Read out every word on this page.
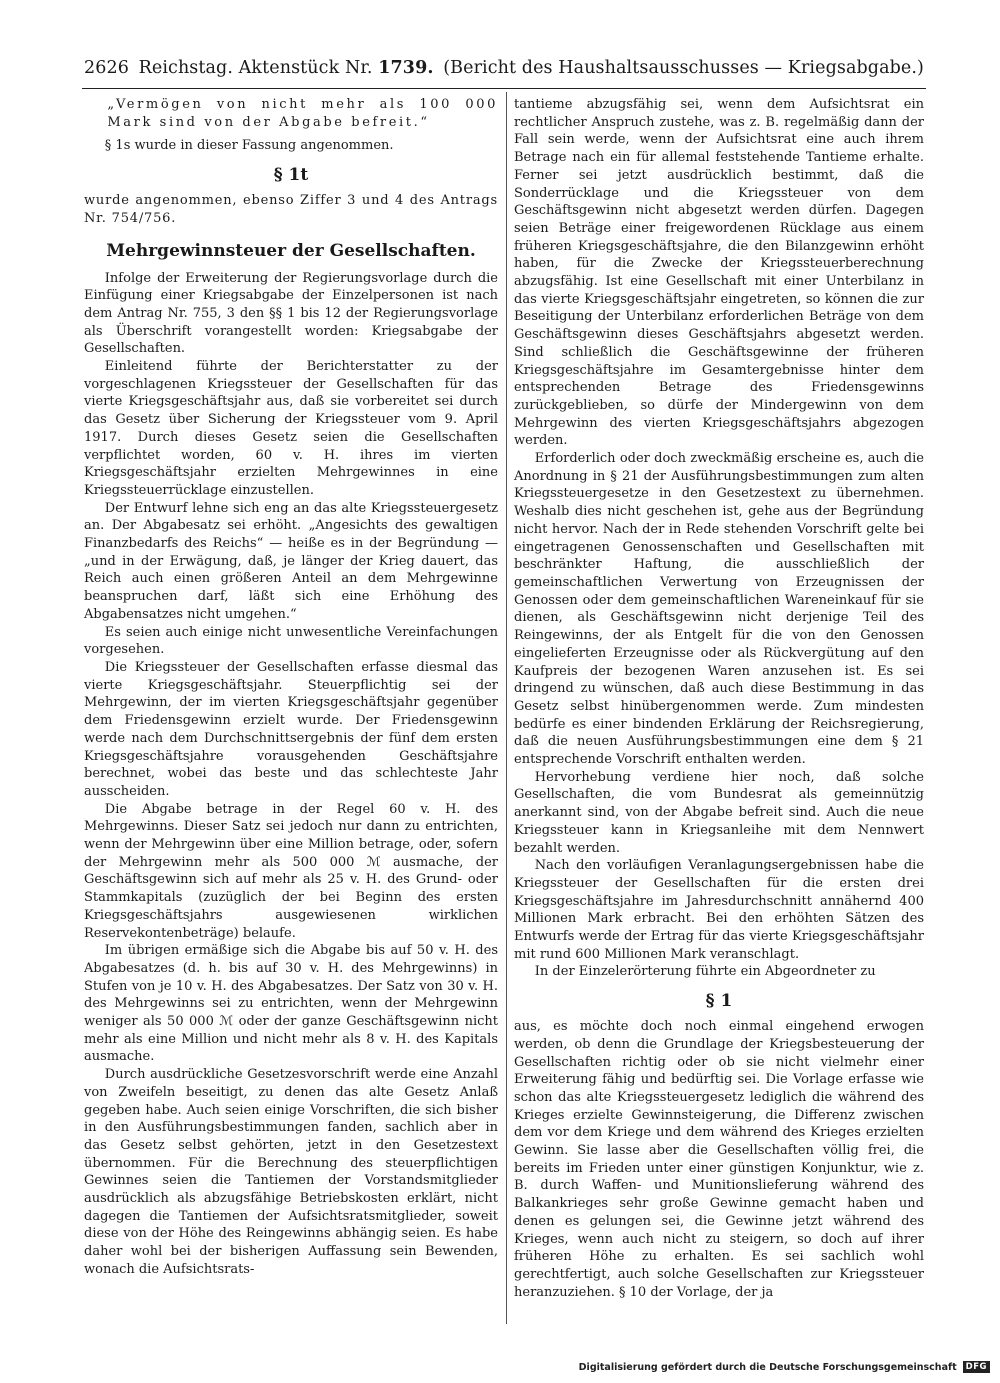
2626 Reichstag. Aktenstück Nr. 1739. (Bericht des Haushaltsausschusses — Kriegsabgabe.)

„Vermögen von nicht mehr als 100 000 Mark sind von der Abgabe befreit.“

§ 1s wurde in dieser Fassung angenommen.

§ 1t

wurde angenommen, ebenso Ziffer 3 und 4 des Antrags Nr. 754/756.

Mehrgewinnsteuer der Gesellschaften.

Infolge der Erweiterung der Regierungsvorlage durch die Einfügung einer Kriegsabgabe der Einzelpersonen ist nach dem Antrag Nr. 755, 3 den §§ 1 bis 12 der Regierungsvorlage als Überschrift vorangestellt worden: Kriegsabgabe der Gesellschaften.

Einleitend führte der Berichterstatter zu der vorgeschlagenen Kriegssteuer der Gesellschaften für das vierte Kriegsgeschäftsjahr aus, daß sie vorbereitet sei durch das Gesetz über Sicherung der Kriegssteuer vom 9. April 1917. Durch dieses Gesetz seien die Gesellschaften verpflichtet worden, 60 v. H. ihres im vierten Kriegsgeschäftsjahr erzielten Mehrgewinnes in eine Kriegssteuerrücklage einzustellen.

Der Entwurf lehne sich eng an das alte Kriegssteuergesetz an. Der Abgabesatz sei erhöht. „Angesichts des gewaltigen Finanzbedarfs des Reichs“ — heiße es in der Begründung — „und in der Erwägung, daß, je länger der Krieg dauert, das Reich auch einen größeren Anteil an dem Mehrgewinne beanspruchen darf, läßt sich eine Erhöhung des Abgabensatzes nicht umgehen.“

Es seien auch einige nicht unwesentliche Vereinfachungen vorgesehen.

Die Kriegssteuer der Gesellschaften erfasse diesmal das vierte Kriegsgeschäftsjahr. Steuerpflichtig sei der Mehrgewinn, der im vierten Kriegsgeschäftsjahr gegenüber dem Friedensgewinn erzielt wurde. Der Friedensgewinn werde nach dem Durchschnittsergebnis der fünf dem ersten Kriegsgeschäftsjahre vorausgehenden Geschäftsjahre berechnet, wobei das beste und das schlechteste Jahr ausscheiden.

Die Abgabe betrage in der Regel 60 v. H. des Mehrgewinns. Dieser Satz sei jedoch nur dann zu entrichten, wenn der Mehrgewinn über eine Million betrage, oder, sofern der Mehrgewinn mehr als 500 000 ℳ ausmache, der Geschäftsgewinn sich auf mehr als 25 v. H. des Grund- oder Stammkapitals (zuzüglich der bei Beginn des ersten Kriegsgeschäftsjahrs ausgewiesenen wirklichen Reservekontenbeträge) belaufe.

Im übrigen ermäßige sich die Abgabe bis auf 50 v. H. des Abgabesatzes (d. h. bis auf 30 v. H. des Mehrgewinns) in Stufen von je 10 v. H. des Abgabesatzes. Der Satz von 30 v. H. des Mehrgewinns sei zu entrichten, wenn der Mehrgewinn weniger als 50 000 ℳ oder der ganze Geschäftsgewinn nicht mehr als eine Million und nicht mehr als 8 v. H. des Kapitals ausmache.

Durch ausdrückliche Gesetzesvorschrift werde eine Anzahl von Zweifeln beseitigt, zu denen das alte Gesetz Anlaß gegeben habe. Auch seien einige Vorschriften, die sich bisher in den Ausführungsbestimmungen fanden, sachlich aber in das Gesetz selbst gehörten, jetzt in den Gesetzestext übernommen. Für die Berechnung des steuerpflichtigen Gewinnes seien die Tantiemen der Vorstandsmitglieder ausdrücklich als abzugsfähige Betriebskosten erklärt, nicht dagegen die Tantiemen der Aufsichtsratsmitglieder, soweit diese von der Höhe des Reingewinns abhängig seien. Es habe daher wohl bei der bisherigen Auffassung sein Bewenden, wonach die Aufsichtsrats-

tantieme abzugsfähig sei, wenn dem Aufsichtsrat ein rechtlicher Anspruch zustehe, was z. B. regelmäßig dann der Fall sein werde, wenn der Aufsichtsrat eine auch ihrem Betrage nach ein für allemal feststehende Tantieme erhalte. Ferner sei jetzt ausdrücklich bestimmt, daß die Sonderrücklage und die Kriegssteuer von dem Geschäftsgewinn nicht abgesetzt werden dürfen. Dagegen seien Beträge einer freigewordenen Rücklage aus einem früheren Kriegsgeschäftsjahre, die den Bilanzgewinn erhöht haben, für die Zwecke der Kriegssteuerberechnung abzugsfähig. Ist eine Gesellschaft mit einer Unterbilanz in das vierte Kriegsgeschäftsjahr eingetreten, so können die zur Beseitigung der Unterbilanz erforderlichen Beträge von dem Geschäftsgewinn dieses Geschäftsjahrs abgesetzt werden. Sind schließlich die Geschäftsgewinne der früheren Kriegsgeschäftsjahre im Gesamtergebnisse hinter dem entsprechenden Betrage des Friedensgewinns zurückgeblieben, so dürfe der Mindergewinn von dem Mehrgewinn des vierten Kriegsgeschäftsjahrs abgezogen werden.

Erforderlich oder doch zweckmäßig erscheine es, auch die Anordnung in § 21 der Ausführungsbestimmungen zum alten Kriegssteuergesetze in den Gesetzestext zu übernehmen. Weshalb dies nicht geschehen ist, gehe aus der Begründung nicht hervor. Nach der in Rede stehenden Vorschrift gelte bei eingetragenen Genossenschaften und Gesellschaften mit beschränkter Haftung, die ausschließlich der gemeinschaftlichen Verwertung von Erzeugnissen der Genossen oder dem gemeinschaftlichen Wareneinkauf für sie dienen, als Geschäftsgewinn nicht derjenige Teil des Reingewinns, der als Entgelt für die von den Genossen eingelieferten Erzeugnisse oder als Rückvergütung auf den Kaufpreis der bezogenen Waren anzusehen ist. Es sei dringend zu wünschen, daß auch diese Bestimmung in das Gesetz selbst hinübergenommen werde. Zum mindesten bedürfe es einer bindenden Erklärung der Reichsregierung, daß die neuen Ausführungsbestimmungen eine dem § 21 entsprechende Vorschrift enthalten werden.

Hervorhebung verdiene hier noch, daß solche Gesellschaften, die vom Bundesrat als gemeinnützig anerkannt sind, von der Abgabe befreit sind. Auch die neue Kriegssteuer kann in Kriegsanleihe mit dem Nennwert bezahlt werden.

Nach den vorläufigen Veranlagungsergebnissen habe die Kriegssteuer der Gesellschaften für die ersten drei Kriegsgeschäftsjahre im Jahresdurchschnitt annähernd 400 Millionen Mark erbracht. Bei den erhöhten Sätzen des Entwurfs werde der Ertrag für das vierte Kriegsgeschäftsjahr mit rund 600 Millionen Mark veranschlagt.

In der Einzelerörterung führte ein Abgeordneter zu

§ 1

aus, es möchte doch noch einmal eingehend erwogen werden, ob denn die Grundlage der Kriegsbesteuerung der Gesellschaften richtig oder ob sie nicht vielmehr einer Erweiterung fähig und bedürftig sei. Die Vorlage erfasse wie schon das alte Kriegssteuergesetz lediglich die während des Krieges erzielte Gewinnsteigerung, die Differenz zwischen dem vor dem Kriege und dem während des Krieges erzielten Gewinn. Sie lasse aber die Gesellschaften völlig frei, die bereits im Frieden unter einer günstigen Konjunktur, wie z. B. durch Waffen- und Munitionslieferung während des Balkankrieges sehr große Gewinne gemacht haben und denen es gelungen sei, die Gewinne jetzt während des Krieges, wenn auch nicht zu steigern, so doch auf ihrer früheren Höhe zu erhalten. Es sei sachlich wohl gerechtfertigt, auch solche Gesellschaften zur Kriegssteuer heranzuziehen. § 10 der Vorlage, der ja

Digitalisierung gefördert durch die Deutsche Forschungsgemeinschaft	DFG
